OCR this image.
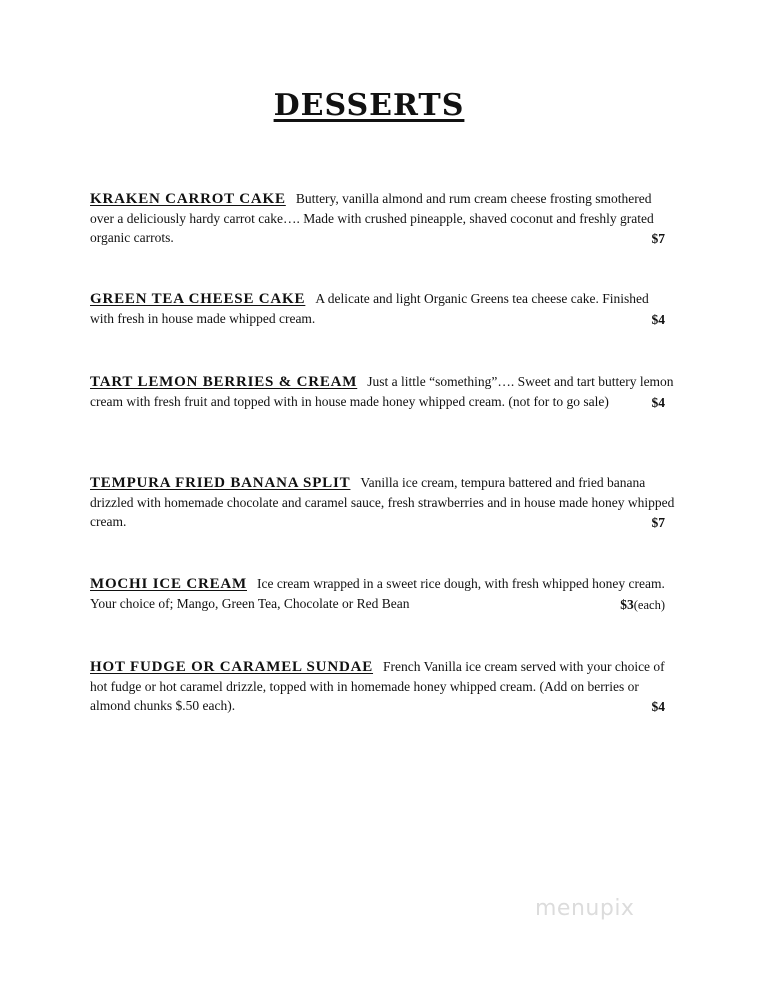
DESSERTS

KRAKEN CARROT CAKE Buttery, vanilla almond and rum cream cheese frosting smothered over a deliciously hardy carrot cake…. Made with crushed pineapple, shaved coconut and freshly grated organic carrots.	$7

GREEN TEA CHEESE CAKE A delicate and light Organic Greens tea cheese cake. Finished with fresh in house made whipped cream.	$4

TART LEMON BERRIES & CREAM Just a little “something”…. Sweet and tart buttery lemon cream with fresh fruit and topped with in house made honey whipped cream. (not for to go sale)	$4

TEMPURA FRIED BANANA SPLIT Vanilla ice cream, tempura battered and fried banana drizzled with homemade chocolate and caramel sauce, fresh strawberries and in house made honey whipped cream.	$7

MOCHI ICE CREAM Ice cream wrapped in a sweet rice dough, with fresh whipped honey cream. Your choice of; Mango, Green Tea, Chocolate or Red Bean	$3(each)

HOT FUDGE OR CARAMEL SUNDAE French Vanilla ice cream served with your choice of hot fudge or hot caramel drizzle, topped with in homemade honey whipped cream. (Add on berries or almond chunks $.50 each).	$4
menupix
